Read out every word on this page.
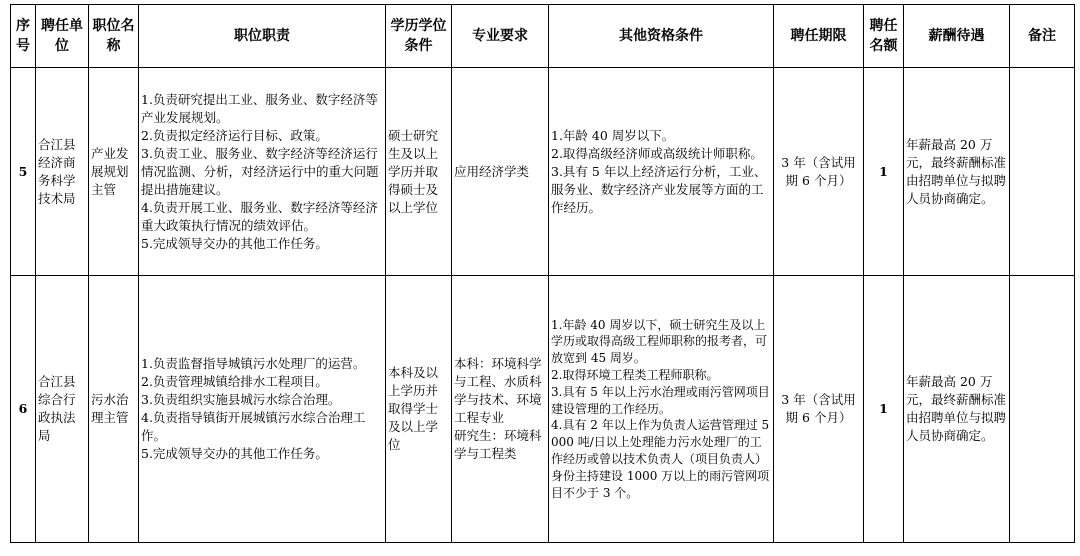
序号	聘任单位	职位名称	职位职责	学历学位条件	专业要求	其他资格条件	聘任期限	聘任名额	薪酬待遇	备注
5	合江县经济商务科学技术局	产业发展规划主管	1.负责研究提出工业、服务业、数字经济等产业发展规划。
2.负责拟定经济运行目标、政策。
3.负责工业、服务业、数字经济等经济运行情况监测、分析，对经济运行中的重大问题提出措施建议。
4.负责开展工业、服务业、数字经济等经济重大政策执行情况的绩效评估。
5.完成领导交办的其他工作任务。	硕士研究生及以上学历并取得硕士及以上学位	应用经济学类	1.年龄 40 周岁以下。
2.取得高级经济师或高级统计师职称。
3.具有 5 年以上经济运行分析，工业、服务业、数字经济产业发展等方面的工作经历。	3 年（含试用期 6 个月）	1	年薪最高 20 万元，最终薪酬标准由招聘单位与拟聘人员协商确定。	
6	合江县综合行政执法局	污水治理主管	1.负责监督指导城镇污水处理厂的运营。
2.负责管理城镇给排水工程项目。
3.负责组织实施县城污水综合治理。
4.负责指导镇街开展城镇污水综合治理工作。
5.完成领导交办的其他工作任务。	本科及以上学历并取得学士及以上学位	本科：环境科学与工程、水质科学与技术、环境工程专业
研究生：环境科学与工程类	1.年龄 40 周岁以下，硕士研究生及以上学历或取得高级工程师职称的报考者，可放宽到 45 周岁。
2.取得环境工程类工程师职称。
3.具有 5 年以上污水治理或雨污管网项目建设管理的工作经历。
4.具有 2 年以上作为负责人运营管理过 5000 吨/日以上处理能力污水处理厂的工作经历或曾以技术负责人（项目负责人）身份主持建设 1000 万以上的雨污管网项目不少于 3 个。	3 年（含试用期 6 个月）	1	年薪最高 20 万元，最终薪酬标准由招聘单位与拟聘人员协商确定。	
